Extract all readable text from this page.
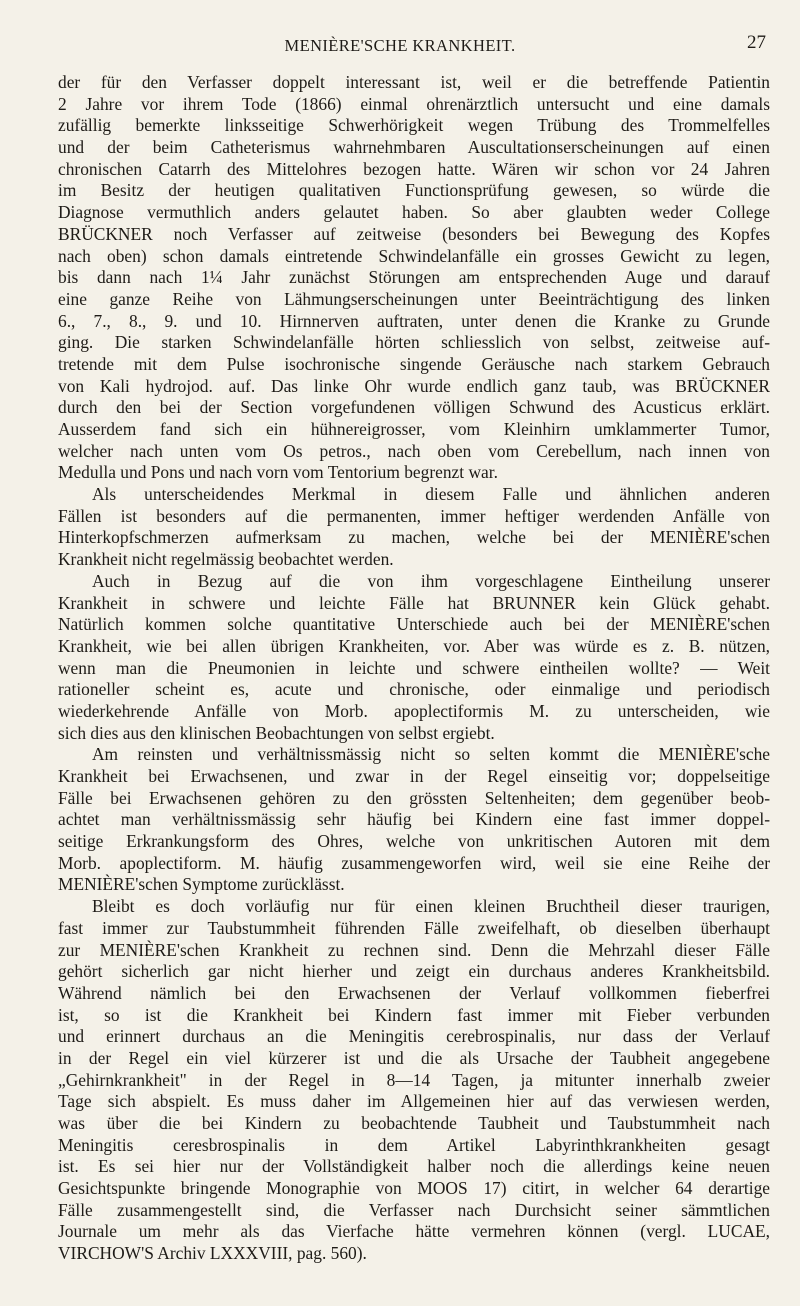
MENIÈRE'SCHE KRANKHEIT.	27
der für den Verfasser doppelt interessant ist, weil er die betreffende Patientin
2 Jahre vor ihrem Tode (1866) einmal ohrenärztlich untersucht und eine damals
zufällig bemerkte linksseitige Schwerhörigkeit wegen Trübung des Trommelfelles
und der beim Catheterismus wahrnehmbaren Auscultationserscheinungen auf einen
chronischen Catarrh des Mittelohres bezogen hatte. Wären wir schon vor 24 Jahren
im Besitz der heutigen qualitativen Functionsprüfung gewesen, so würde die
Diagnose vermuthlich anders gelautet haben. So aber glaubten weder College
BRÜCKNER noch Verfasser auf zeitweise (besonders bei Bewegung des Kopfes
nach oben) schon damals eintretende Schwindelanfälle ein grosses Gewicht zu legen,
bis dann nach 1¼ Jahr zunächst Störungen am entsprechenden Auge und darauf
eine ganze Reihe von Lähmungserscheinungen unter Beeinträchtigung des linken
6., 7., 8., 9. und 10. Hirnnerven auftraten, unter denen die Kranke zu Grunde
ging. Die starken Schwindelanfälle hörten schliesslich von selbst, zeitweise auf-
tretende mit dem Pulse isochronische singende Geräusche nach starkem Gebrauch
von Kali hydrojod. auf. Das linke Ohr wurde endlich ganz taub, was BRÜCKNER
durch den bei der Section vorgefundenen völligen Schwund des Acusticus erklärt.
Ausserdem fand sich ein hühnereigrosser, vom Kleinhirn umklammerter Tumor,
welcher nach unten vom Os petros., nach oben vom Cerebellum, nach innen von
Medulla und Pons und nach vorn vom Tentorium begrenzt war.
Als unterscheidendes Merkmal in diesem Falle und ähnlichen anderen
Fällen ist besonders auf die permanenten, immer heftiger werdenden Anfälle von
Hinterkopfschmerzen aufmerksam zu machen, welche bei der MENIÈRE'schen
Krankheit nicht regelmässig beobachtet werden.
Auch in Bezug auf die von ihm vorgeschlagene Eintheilung unserer
Krankheit in schwere und leichte Fälle hat BRUNNER kein Glück gehabt.
Natürlich kommen solche quantitative Unterschiede auch bei der MENIÈRE'schen
Krankheit, wie bei allen übrigen Krankheiten, vor. Aber was würde es z. B. nützen,
wenn man die Pneumonien in leichte und schwere eintheilen wollte? — Weit
rationeller scheint es, acute und chronische, oder einmalige und periodisch
wiederkehrende Anfälle von Morb. apoplectiformis M. zu unterscheiden, wie
sich dies aus den klinischen Beobachtungen von selbst ergiebt.
Am reinsten und verhältnissmässig nicht so selten kommt die MENIÈRE'sche
Krankheit bei Erwachsenen, und zwar in der Regel einseitig vor; doppelseitige
Fälle bei Erwachsenen gehören zu den grössten Seltenheiten; dem gegenüber beob-
achtet man verhältnissmässig sehr häufig bei Kindern eine fast immer doppel-
seitige Erkrankungsform des Ohres, welche von unkritischen Autoren mit dem
Morb. apoplectiform. M. häufig zusammengeworfen wird, weil sie eine Reihe der
MENIÈRE'schen Symptome zurücklässt.
Bleibt es doch vorläufig nur für einen kleinen Bruchtheil dieser traurigen,
fast immer zur Taubstummheit führenden Fälle zweifelhaft, ob dieselben überhaupt
zur MENIÈRE'schen Krankheit zu rechnen sind. Denn die Mehrzahl dieser Fälle
gehört sicherlich gar nicht hierher und zeigt ein durchaus anderes Krankheitsbild.
Während nämlich bei den Erwachsenen der Verlauf vollkommen fieberfrei
ist, so ist die Krankheit bei Kindern fast immer mit Fieber verbunden
und erinnert durchaus an die Meningitis cerebrospinalis, nur dass der Verlauf
in der Regel ein viel kürzerer ist und die als Ursache der Taubheit angegebene
„Gehirnkrankheit" in der Regel in 8—14 Tagen, ja mitunter innerhalb zweier
Tage sich abspielt. Es muss daher im Allgemeinen hier auf das verwiesen werden,
was über die bei Kindern zu beobachtende Taubheit und Taubstummheit nach
Meningitis ceresbrospinalis in dem Artikel Labyrinthkrankheiten gesagt
ist. Es sei hier nur der Vollständigkeit halber noch die allerdings keine neuen
Gesichtspunkte bringende Monographie von MOOS 17) citirt, in welcher 64 derartige
Fälle zusammengestellt sind, die Verfasser nach Durchsicht seiner sämmtlichen
Journale um mehr als das Vierfache hätte vermehren können (vergl. LUCAE,
VIRCHOW'S Archiv LXXXVIII, pag. 560).
